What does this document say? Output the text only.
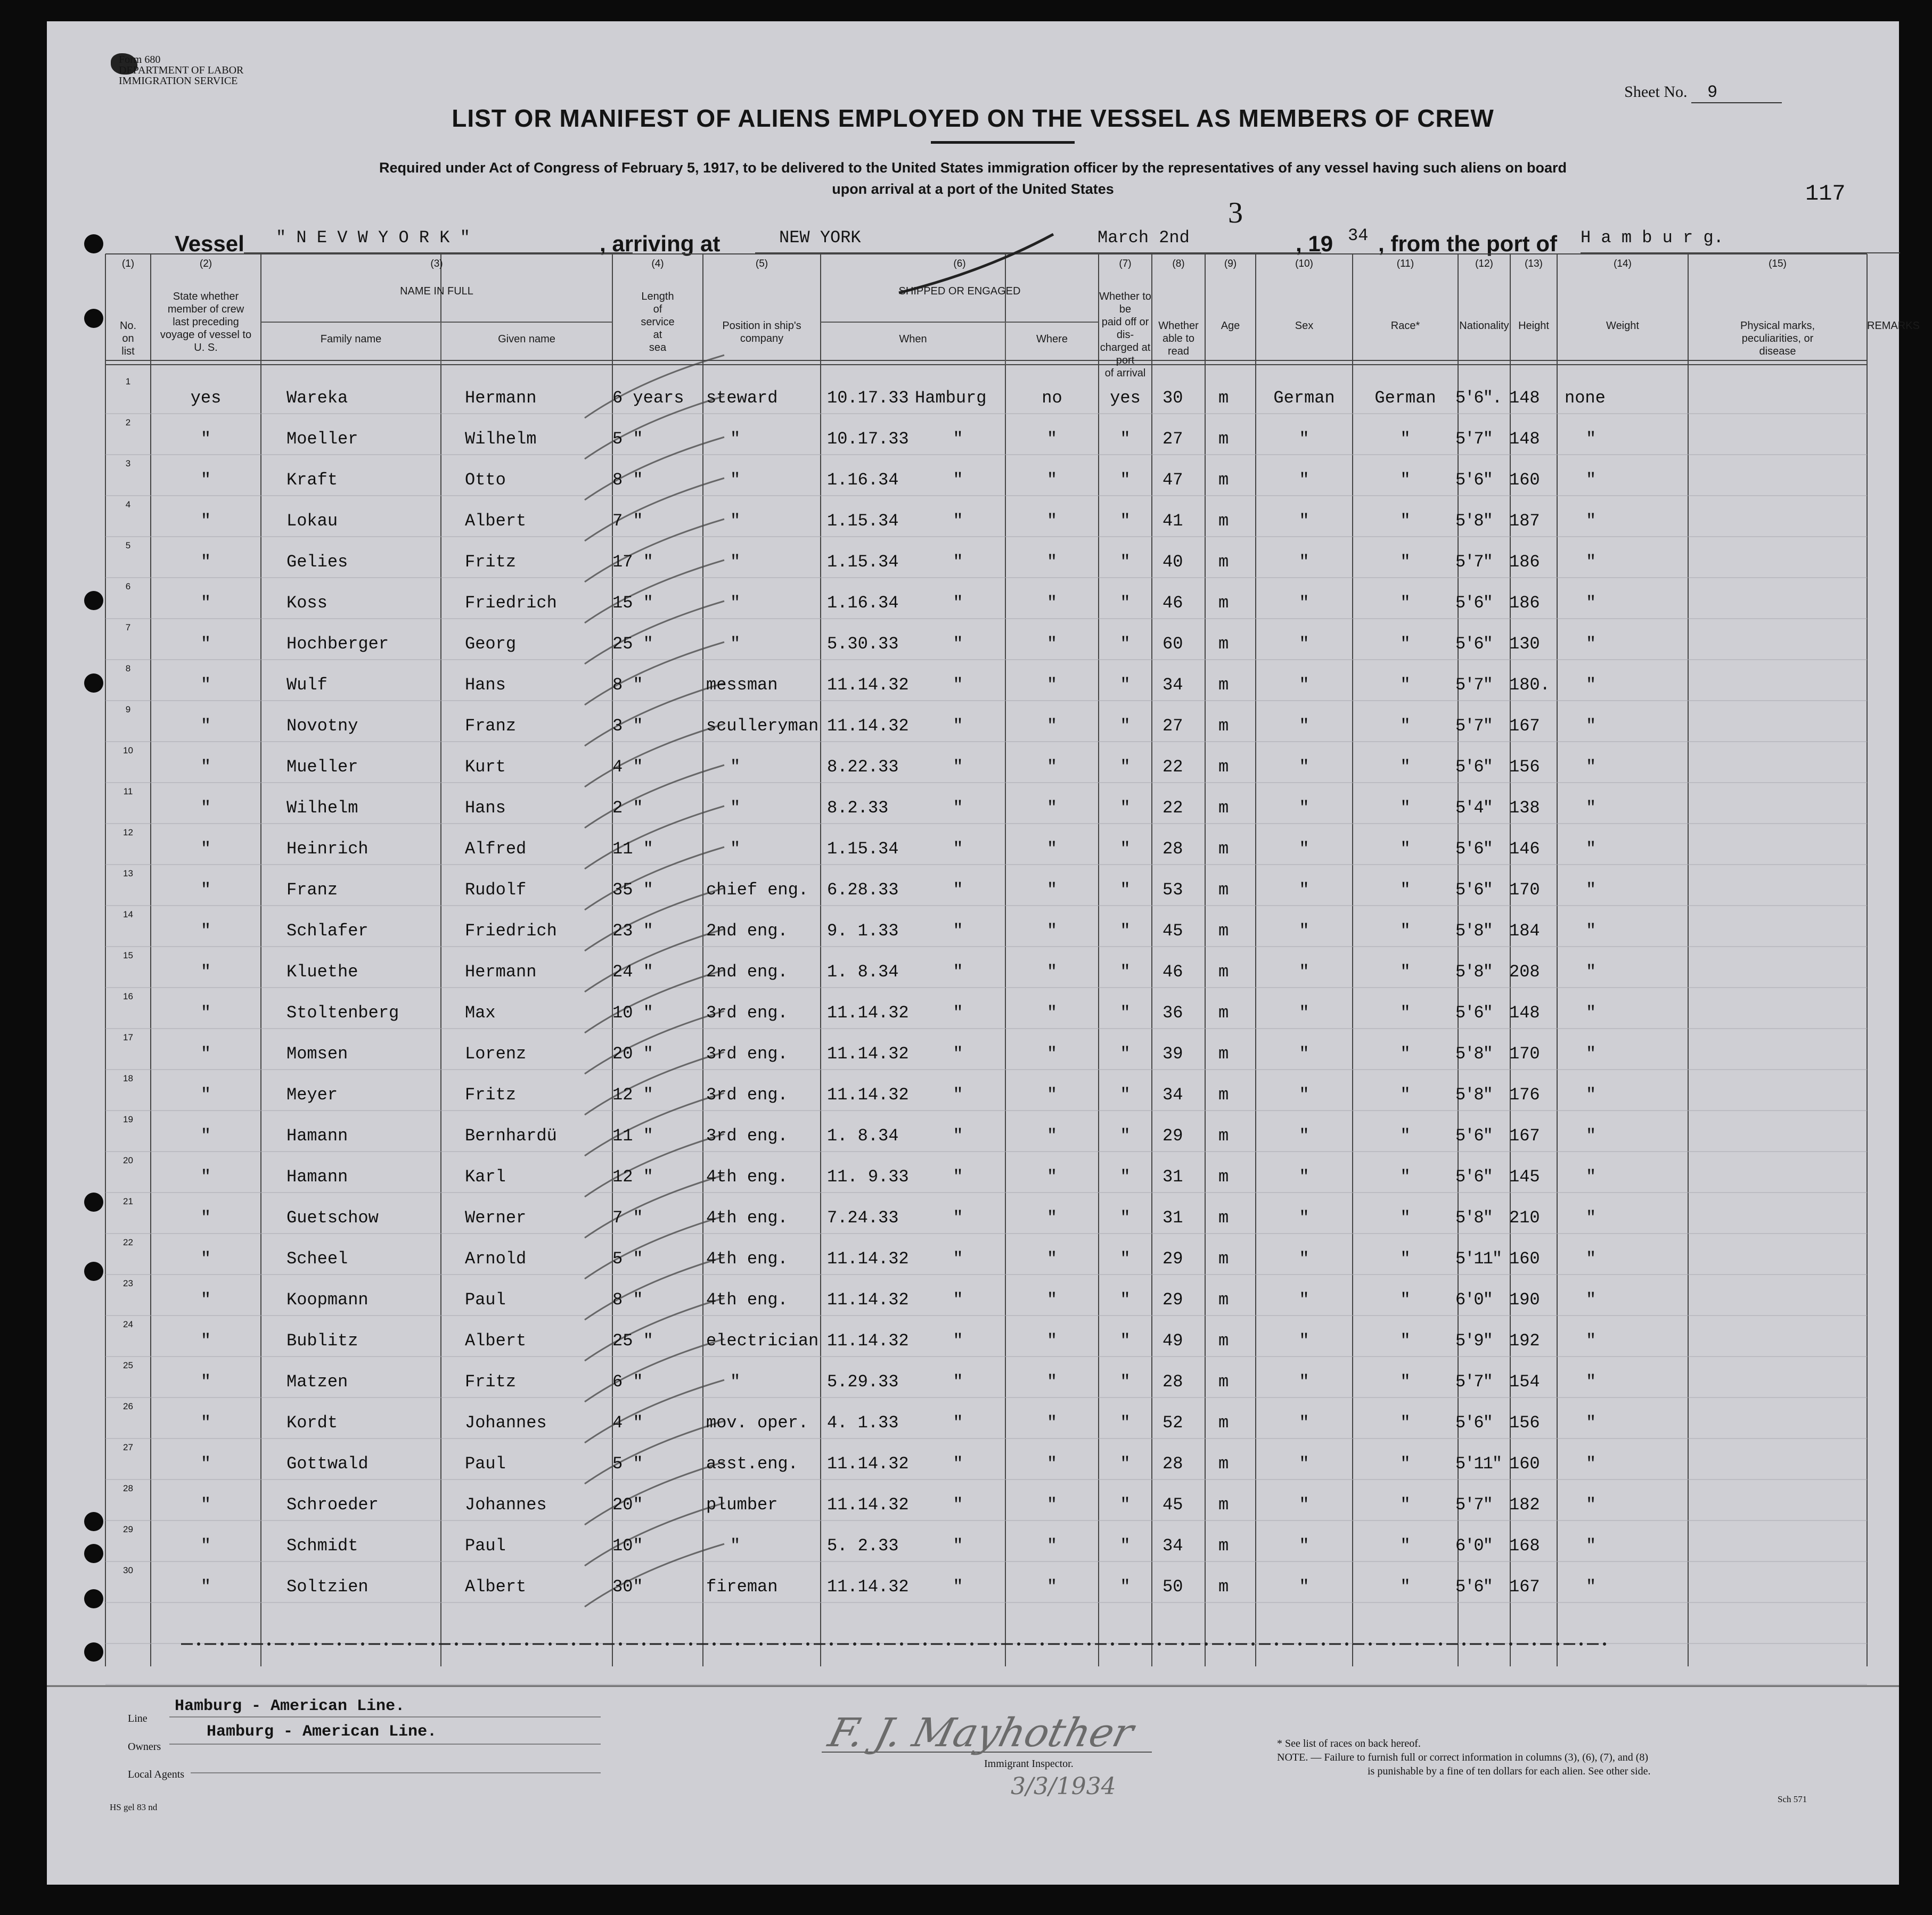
Form 680
DEPARTMENT OF LABOR
IMMIGRATION SERVICE
Sheet No. 9
LIST OR MANIFEST OF ALIENS EMPLOYED ON THE VESSEL AS MEMBERS OF CREW
Required under Act of Congress of February 5, 1917, to be delivered to the United States immigration officer by the representatives of any vessel having such aliens on board
upon arrival at a port of the United States	117
Vessel	" N E V W Y O R K "	, arriving at	NEW YORK	March 2nd
3
, 19 34 , from the port of H a m b u r g.
(1)
No.
on
list
(2)
State whether
member of crew
last preceding
voyage of vessel to
U. S.
(3)
NAME IN FULL
Family name	Given name
(4)
Length
of
service
at
sea
(5)
Position in ship's
company
(6)
SHIPPED OR ENGAGED
When	Where
(7)
Whether to be
paid off or dis-
charged at port
of arrival
(8)
Whether
able to
read
(9)
Age
(10)
Sex
(11)
Race*
(12)
Nationality
(13)
Height
(14)
Weight
(15)
Physical marks,
peculiarities, or
disease
REMARKS
1
yes	Wareka	Hermann	6 years steward	10.17.33 Hamburg	no	yes	30 m	German	German	5'6". 148 none
2
"	Moeller	Wilhelm	5 "	"	10.17.33	"	"	"	27 m	"	"	5'7" 148	"
3
"	Kraft	Otto	8 "	"	1.16.34	"	"	"	47 m	"	"	5'6" 160	"
4
"	Lokau	Albert	7 "	"	1.15.34	"	"	"	41 m	"	"	5'8" 187	"
5
"	Gelies	Fritz	17 "	"	1.15.34	"	"	"	40 m	"	"	5'7" 186	"
6
"	Koss	Friedrich	15 "	"	1.16.34	"	"	"	46 m	"	"	5'6" 186	"
7
"	Hochberger	Georg	25 "	"	5.30.33	"	"	"	60 m	"	"	5'6" 130	"
8
"	Wulf	Hans	8 "	messman	11.14.32	"	"	"	34 m	"	"	5'7" 180. "
9
"	Novotny	Franz	3 "	sculleryman 11.14.32	"	"	"	27 m	"	"	5'7" 167	"
10
"	Mueller	Kurt	4 "	"	8.22.33	"	"	"	22 m	"	"	5'6" 156	"
11
"	Wilhelm	Hans	2 "	"	8.2.33	"	"	"	22 m	"	"	5'4" 138	"
12
"	Heinrich	Alfred	11 "	"	1.15.34	"	"	"	28 m	"	"	5'6" 146	"
13
"	Franz	Rudolf	35 "	chief eng. 6.28.33	"	"	"	53 m	"	"	5'6" 170	"
14
"	Schlafer	Friedrich	23 "	2nd eng. 9. 1.33	"	"	"	45 m	"	"	5'8" 184	"
15
"	Kluethe	Hermann	24 "	2nd eng. 1. 8.34	"	"	"	46 m	"	"	5'8" 208	"
16
"	Stoltenberg	Max	10 "	3rd eng. 11.14.32	"	"	"	36 m	"	"	5'6" 148	"
17
"	Momsen	Lorenz	20 "	3rd eng. 11.14.32	"	"	"	39 m	"	"	5'8" 170	"
18
"	Meyer	Fritz	12 "	3rd eng. 11.14.32	"	"	"	34 m	"	"	5'8" 176	"
19
"	Hamann	Bernhardü	11 "	3rd eng. 1. 8.34	"	"	"	29 m	"	"	5'6" 167	"
20
"	Hamann	Karl	12 "	4th eng. 11. 9.33	"	"	"	31 m	"	"	5'6" 145	"
21
"	Guetschow	Werner	7 "	4th eng. 7.24.33	"	"	"	31 m	"	"	5'8" 210	"
22
"	Scheel	Arnold	5 "	4th eng. 11.14.32	"	"	"	29 m	"	"	5'11" 160	"
23
"	Koopmann	Paul	8 "	4th eng. 11.14.32	"	"	"	29 m	"	"	6'0" 190	"
24
"	Bublitz	Albert	25 "	electrician 11.14.32	"	"	"	49 m	"	"	5'9" 192	"
25
"	Matzen	Fritz	6 "	"	5.29.33	"	"	"	28 m	"	"	5'7" 154	"
26
"	Kordt	Johannes	4 "	mov. oper. 4. 1.33	"	"	"	52 m	"	"	5'6" 156	"
27
"	Gottwald	Paul	5 "	asst.eng. 11.14.32	"	"	"	28 m	"	"	5'11" 160	"
28
"	Schroeder	Johannes	20"	plumber	11.14.32	"	"	"	45 m	"	"	5'7" 182	"
29
"	Schmidt	Paul	10"	"	5. 2.33	"	"	"	34 m	"	"	6'0" 168	"
30
"	Soltzien	Albert	30"	fireman	11.14.32	"	"	"	50 m	"	"	5'6" 167	"
Line
Hamburg - American Line.
Owners
Hamburg - American Line.
Local Agents
F. J. Mayhother
Immigrant Inspector.
3/3/1934
* See list of races on back hereof.
NOTE. — Failure to furnish full or correct information in columns (3), (6), (7), and (8)
is punishable by a fine of ten dollars for each alien. See other side.
HS gel 83 nd
Sch 571
